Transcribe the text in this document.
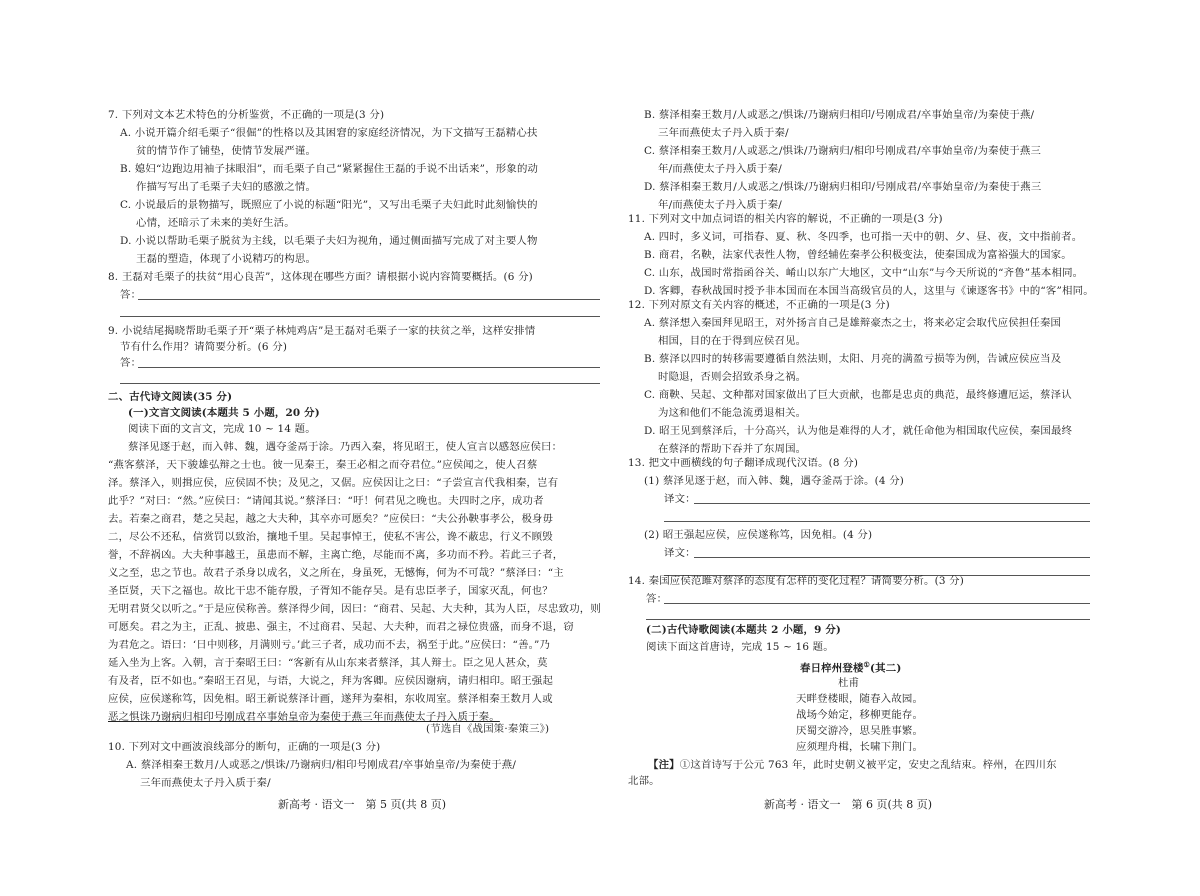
7. 下列对文本艺术特色的分析鉴赏，不正确的一项是(3 分)
A. 小说开篇介绍毛栗子“很倔”的性格以及其困窘的家庭经济情况，为下文描写王磊精心扶
贫的情节作了铺垫，使情节发展严谨。
B. 媳妇“边跑边用袖子抹眼泪”，而毛栗子自己“紧紧握住王磊的手说不出话来”，形象的动
作描写写出了毛栗子夫妇的感激之情。
C. 小说最后的景物描写，既照应了小说的标题“阳光”，又写出毛栗子夫妇此时此刻愉快的
心情，还暗示了未来的美好生活。
D. 小说以帮助毛栗子脱贫为主线，以毛栗子夫妇为视角，通过侧面描写完成了对主要人物
王磊的塑造，体现了小说精巧的构思。
8. 王磊对毛栗子的扶贫“用心良苦”，这体现在哪些方面？请根据小说内容简要概括。(6 分)
答：
9. 小说结尾揭晓帮助毛栗子开“栗子林炖鸡店”是王磊对毛栗子一家的扶贫之举，这样安排情
节有什么作用？请简要分析。(6 分)
答：
二、古代诗文阅读(35 分)
(一)文言文阅读(本题共 5 小题，20 分)
阅读下面的文言文，完成 10 ~ 14 题。
蔡泽见逐于赵，而入韩、魏，遇夺釜鬲于涂。乃西入秦，将见昭王，使人宣言以感怒应侯曰：
“燕客蔡泽，天下骏雄弘辩之士也。彼一见秦王，秦王必相之而夺君位。”应侯闻之，使人召蔡
泽。蔡泽入，则揖应侯，应侯固不快；及见之，又倨。应侯因让之曰：“子尝宣言代我相秦，岂有
此乎？”对曰：“然。”应侯曰：“请闻其说。”蔡泽曰：“吁！何君见之晚也。夫四时之序，成功者
去。若秦之商君，楚之吴起，越之大夫种，其卒亦可愿矣？”应侯曰：“夫公孙鞅事孝公，极身毋
二，尽公不还私，信赏罚以致治，攘地千里。吴起事悼王，使私不害公，谗不蔽忠，行义不顾毁
誉，不辞祸凶。大夫种事越王，虽患而不解，主离亡绝，尽能而不离，多功而不矜。若此三子者，
义之至，忠之节也。故君子杀身以成名，义之所在，身虽死，无憾悔，何为不可哉？”蔡泽曰：“主
圣臣贤，天下之福也。故比干忠不能存殷，子胥知不能存吴。是有忠臣孝子，国家灭乱，何也？
无明君贤父以听之。”于是应侯称善。蔡泽得少间，因曰：“商君、吴起、大夫种，其为人臣，尽忠致功，则
可愿矣。君之为主，正乱、披患、强主，不过商君、吴起、大夫种，而君之禄位贵盛，而身不退，窃
为君危之。语曰：‘日中则移，月满则亏。’此三子者，成功而不去，祸至于此。”应侯曰：“善。”乃
延入坐为上客。入朝，言于秦昭王曰：“客新有从山东来者蔡泽，其人辩士。臣之见人甚众，莫
有及者，臣不如也。”秦昭王召见，与语，大说之，拜为客卿。应侯因谢病，请归相印。昭王强起
应侯，应侯遂称笃，因免相。昭王新说蔡泽计画，遂拜为秦相，东收周室。蔡泽相秦王数月人或
恶之惧诛乃谢病归相印号刚成君卒事始皇帝为秦使于燕三年而燕使太子丹入质于秦。
(节选自《战国策·秦策三》)
10. 下列对文中画波浪线部分的断句，正确的一项是(3 分)
A. 蔡泽相秦王数月/人或恶之/惧诛/乃谢病归/相印号刚成君/卒事始皇帝/为秦使于燕/
三年而燕使太子丹入质于秦/
新高考 · 语文一　第 5 页(共 8 页)
B. 蔡泽相秦王数月/人或恶之/惧诛/乃谢病归相印/号刚成君/卒事始皇帝/为秦使于燕/
三年而燕使太子丹入质于秦/
C. 蔡泽相秦王数月/人或恶之/惧诛/乃谢病归/相印号刚成君/卒事始皇帝/为秦使于燕三
年/而燕使太子丹入质于秦/
D. 蔡泽相秦王数月/人或恶之/惧诛/乃谢病归相印/号刚成君/卒事始皇帝/为秦使于燕三
年/而燕使太子丹入质于秦/
11. 下列对文中加点词语的相关内容的解说，不正确的一项是(3 分)
A. 四时，多义词，可指春、夏、秋、冬四季，也可指一天中的朝、夕、昼、夜，文中指前者。
B. 商君，名鞅，法家代表性人物，曾经辅佐秦孝公积极变法，使秦国成为富裕强大的国家。
C. 山东，战国时常指函谷关、崤山以东广大地区，文中“山东”与今天所说的“齐鲁”基本相同。
D. 客卿，春秋战国时授予非本国而在本国当高级官员的人，这里与《谏逐客书》中的“客”相同。
12. 下列对原文有关内容的概述，不正确的一项是(3 分)
A. 蔡泽想入秦国拜见昭王，对外扬言自己是雄辩豪杰之士，将来必定会取代应侯担任秦国
相国，目的在于得到应侯召见。
B. 蔡泽以四时的转移需要遵循自然法则，太阳、月亮的满盈亏损等为例，告诫应侯应当及
时隐退，否则会招致杀身之祸。
C. 商鞅、吴起、文种都对国家做出了巨大贡献，也都是忠贞的典范，最终修遭厄运，蔡泽认
为这和他们不能急流勇退相关。
D. 昭王见到蔡泽后，十分高兴，认为他是难得的人才，就任命他为相国取代应侯，秦国最终
在蔡泽的帮助下吞并了东周国。
13. 把文中画横线的句子翻译成现代汉语。(8 分)
(1) 蔡泽见逐于赵，而入韩、魏，遇夺釜鬲于涂。(4 分)
译文：
(2) 昭王强起应侯，应侯遂称笃，因免相。(4 分)
译文：
14. 秦国应侯范雎对蔡泽的态度有怎样的变化过程？请简要分析。(3 分)
答：
(二)古代诗歌阅读(本题共 2 小题，9 分)
阅读下面这首唐诗，完成 15 ~ 16 题。
春日梓州登楼①(其二)
杜甫
天畔登楼眼，随春入故园。
战场今始定，移柳更能存。
厌蜀交游冷，思吴胜事繁。
应须理舟楫，长啸下荆门。
【注】①这首诗写于公元 763 年，此时史朝义被平定，安史之乱结束。梓州，在四川东
北部。
新高考 · 语文一　第 6 页(共 8 页)
